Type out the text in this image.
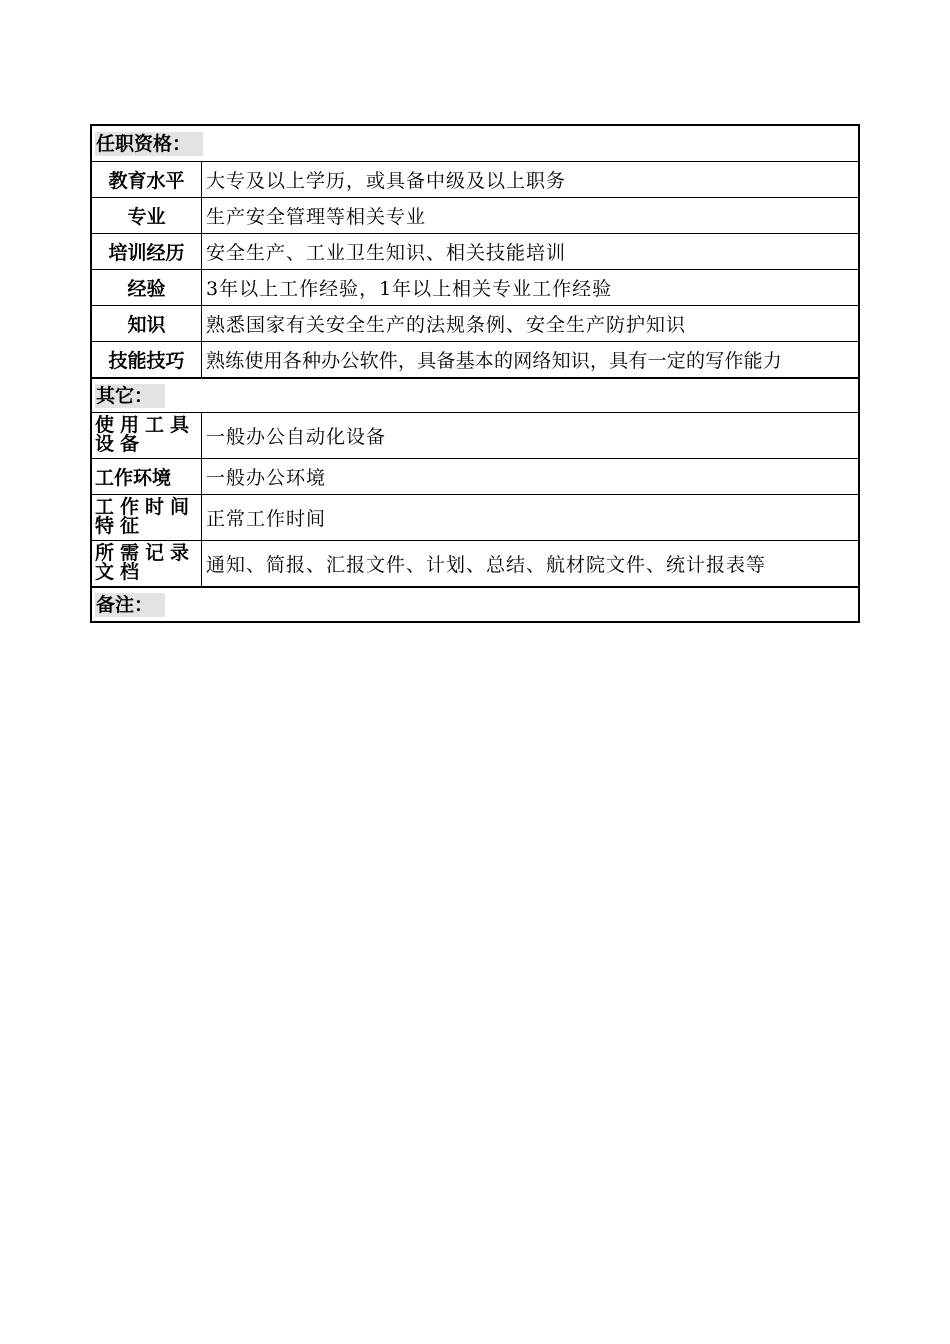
任职资格：
教育水平	大专及以上学历，或具备中级及以上职务
专业	生产安全管理等相关专业
培训经历	安全生产、工业卫生知识、相关技能培训
经验	3年以上工作经验，1年以上相关专业工作经验
知识	熟悉国家有关安全生产的法规条例、安全生产防护知识
技能技巧	熟练使用各种办公软件，具备基本的网络知识，具有一定的写作能力
其它：
使用工具设备	一般办公自动化设备
工作环境	一般办公环境
工作时间特征	正常工作时间
所需记录文档	通知、简报、汇报文件、计划、总结、航材院文件、统计报表等
备注：
